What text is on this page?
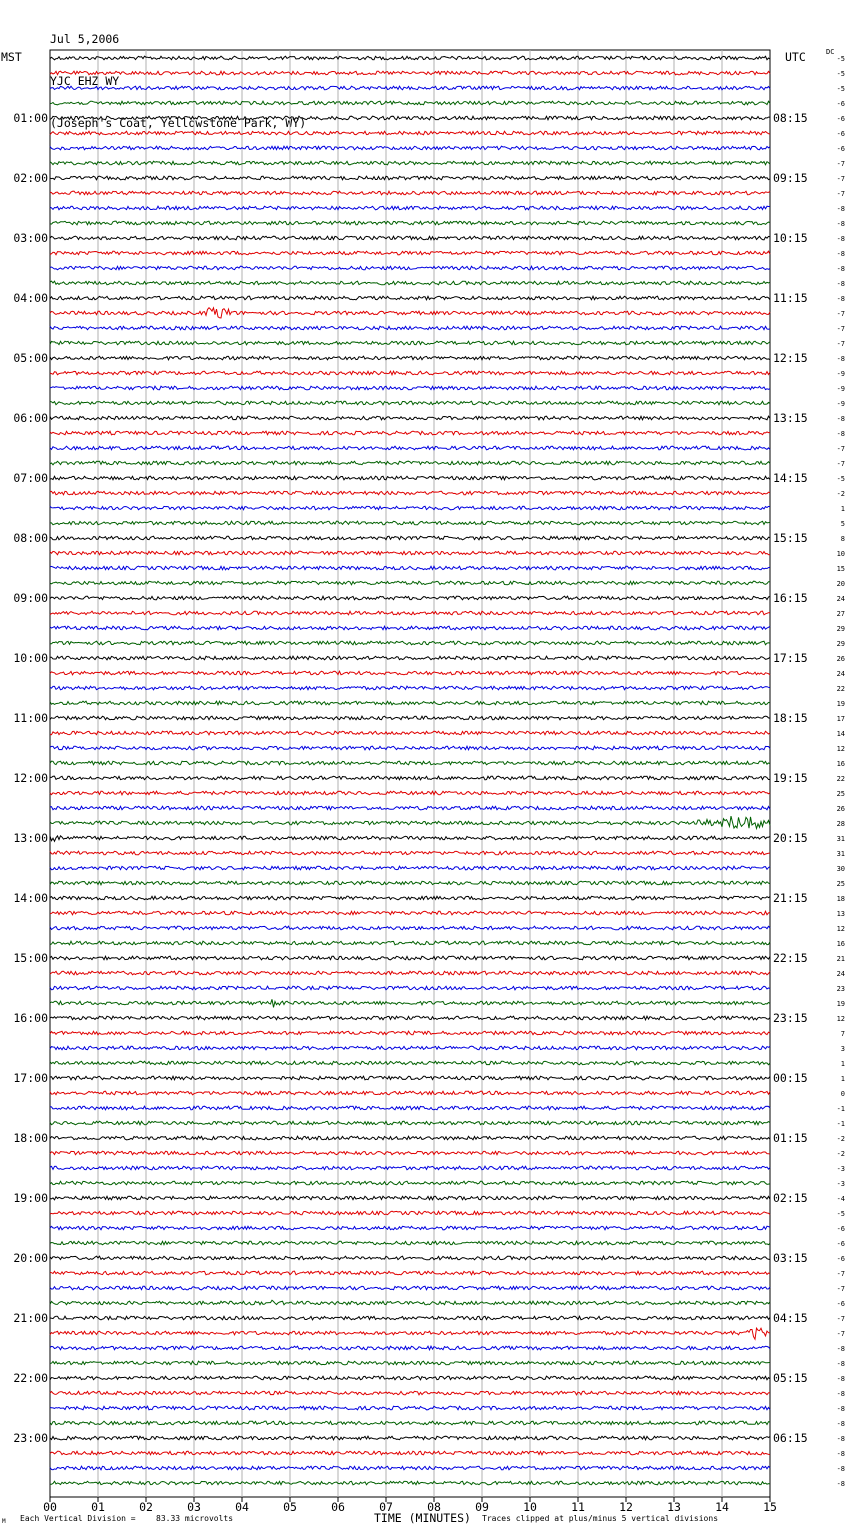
Jul 5,2006

YJC EHZ WY

(Joseph's Coat, Yellowstone Park, WY)

MST	UTC	DC
00	01	02	03	04	05	06	07	08	09	10	11	12	13	14	15
-5
-5
-5
-6
-6
01:00	08:15
-6
-6
-7
-7
02:00	09:15
-7
-8
-8
-8
03:00	10:15
-8
-8
-8
-8
04:00	11:15
-7
-7
-7
-8
05:00	12:15
-9
-9
-9
-8
06:00	13:15
-8
-7
-7
-5
07:00	14:15
-2
1
5
8
08:00	15:15
10
15
20
24
09:00	16:15
27
29
29
26
10:00	17:15
24
22
19
17
11:00	18:15
14
12
16
22
12:00	19:15
25
26
28
31
13:00	20:15
31
30
25
18
14:00	21:15
13
12
16
21
15:00	22:15
24
23
19
12
16:00	23:15
7
3
1
1
17:00	00:15
0
-1
-1
-2
18:00	01:15
-2
-3
-3
-4
19:00	02:15
-5
-6
-6
-6
20:00	03:15
-7
-7
-6
-7
21:00	04:15
-7
-8
-8
-8
22:00	05:15
-8
-8
-8
-8
23:00	06:15
-8
-8
-8
M Each Vertical Division =	83.33 microvolts	TIME (MINUTES) Traces clipped at plus/minus 5 vertical divisions
